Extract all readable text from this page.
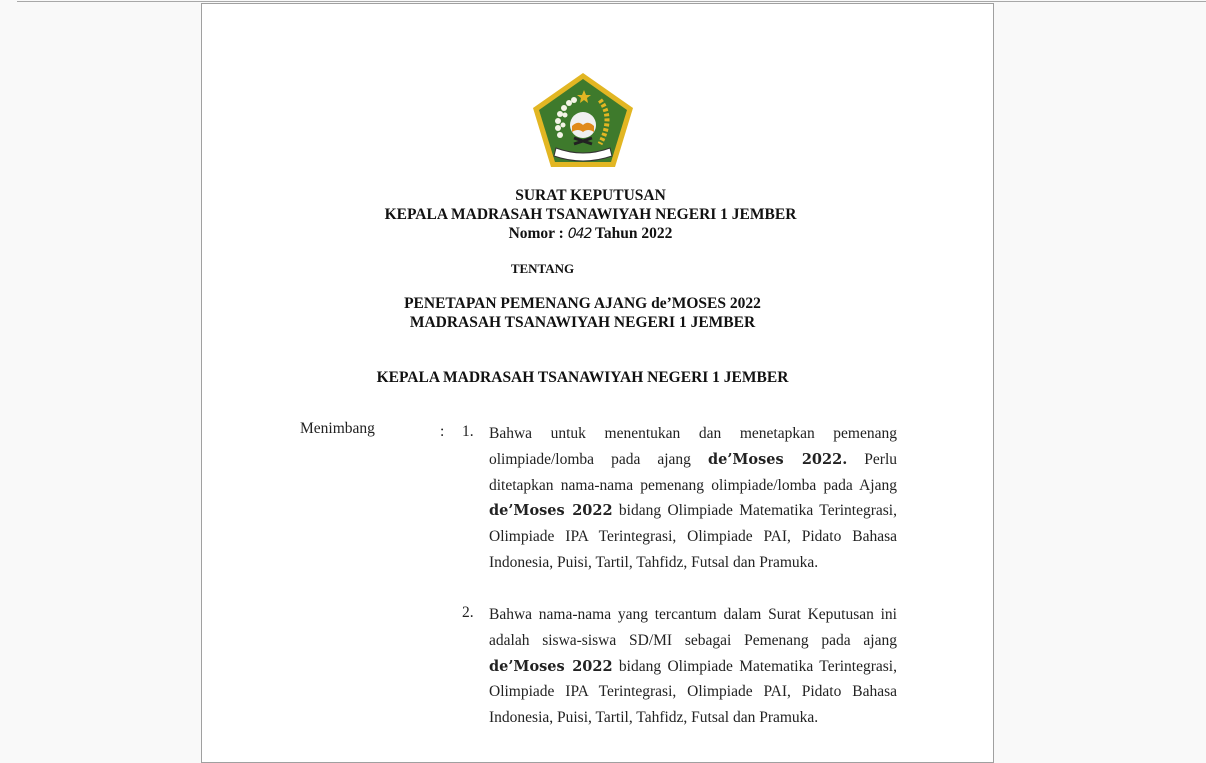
SURAT KEPUTUSAN
KEPALA MADRASAH TSANAWIYAH NEGERI 1 JEMBER
Nomor : 042 Tahun 2022
TENTANG
PENETAPAN PEMENANG AJANG de’MOSES 2022
MADRASAH TSANAWIYAH NEGERI 1 JEMBER
KEPALA MADRASAH TSANAWIYAH NEGERI 1 JEMBER
Menimbang	: 1. Bahwa untuk menentukan dan menetapkan pemenang olimpiade/lomba pada ajang de’Moses 2022. Perlu ditetapkan nama-nama pemenang olimpiade/lomba pada Ajang de’Moses 2022 bidang Olimpiade Matematika Terintegrasi, Olimpiade IPA Terintegrasi, Olimpiade PAI, Pidato Bahasa Indonesia, Puisi, Tartil, Tahfidz, Futsal dan Pramuka.
2. Bahwa nama-nama yang tercantum dalam Surat Keputusan ini adalah siswa-siswa SD/MI sebagai Pemenang pada ajang de’Moses 2022 bidang Olimpiade Matematika Terintegrasi, Olimpiade IPA Terintegrasi, Olimpiade PAI, Pidato Bahasa Indonesia, Puisi, Tartil, Tahfidz, Futsal dan Pramuka.
